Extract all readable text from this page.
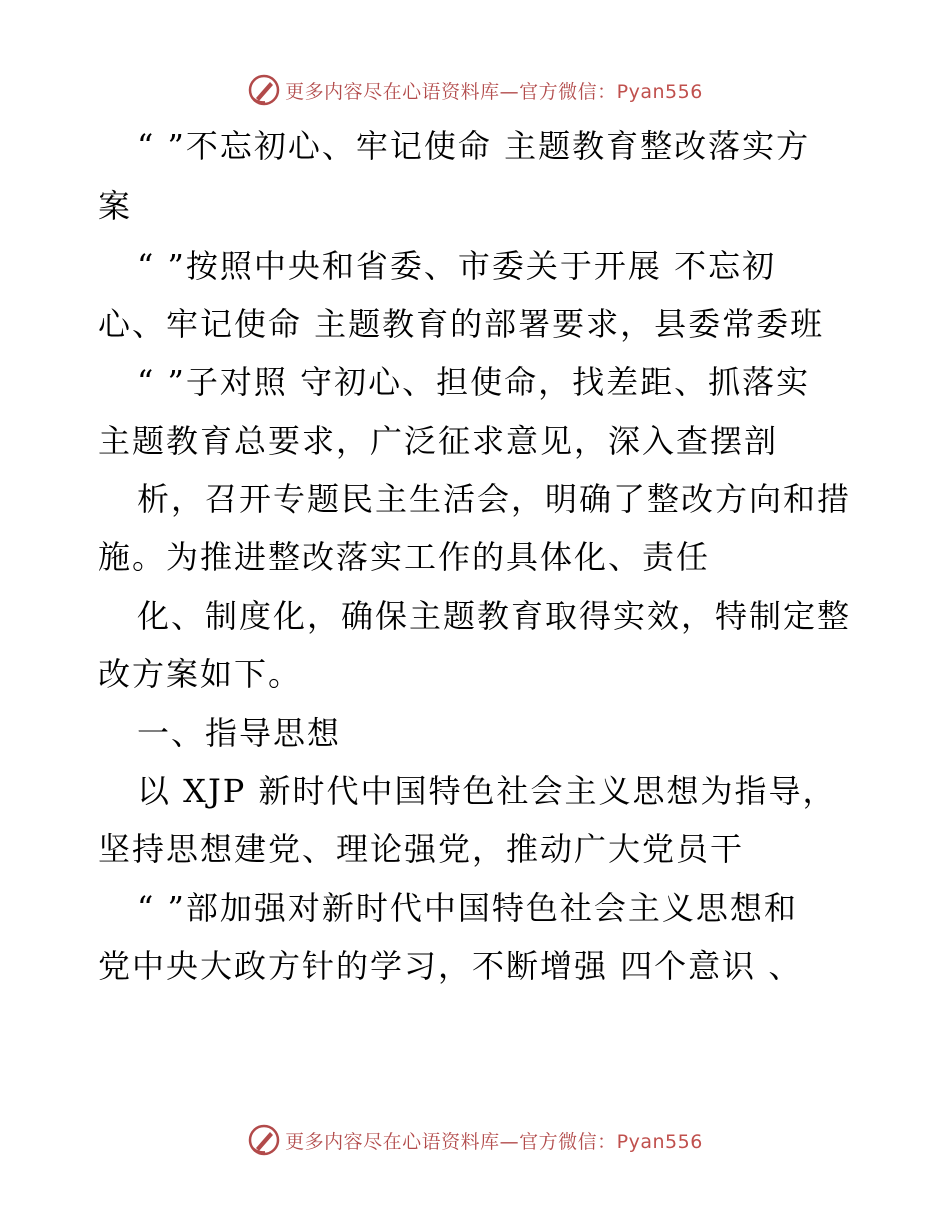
更多内容尽在心语资料库—官方微信：Pyan556
“ ”不忘初心、牢记使命 主题教育整改落实方
案
“ ”按照中央和省委、市委关于开展 不忘初
心、牢记使命 主题教育的部署要求，县委常委班
“ ”子对照 守初心、担使命，找差距、抓落实
主题教育总要求，广泛征求意见，深入查摆剖
析，召开专题民主生活会，明确了整改方向和措
施。为推进整改落实工作的具体化、责任
化、制度化，确保主题教育取得实效，特制定整
改方案如下。
一、指导思想
以 XJP 新时代中国特色社会主义思想为指导，
坚持思想建党、理论强党，推动广大党员干
“ ”部加强对新时代中国特色社会主义思想和
党中央大政方针的学习，不断增强 四个意识 、
更多内容尽在心语资料库—官方微信：Pyan556
